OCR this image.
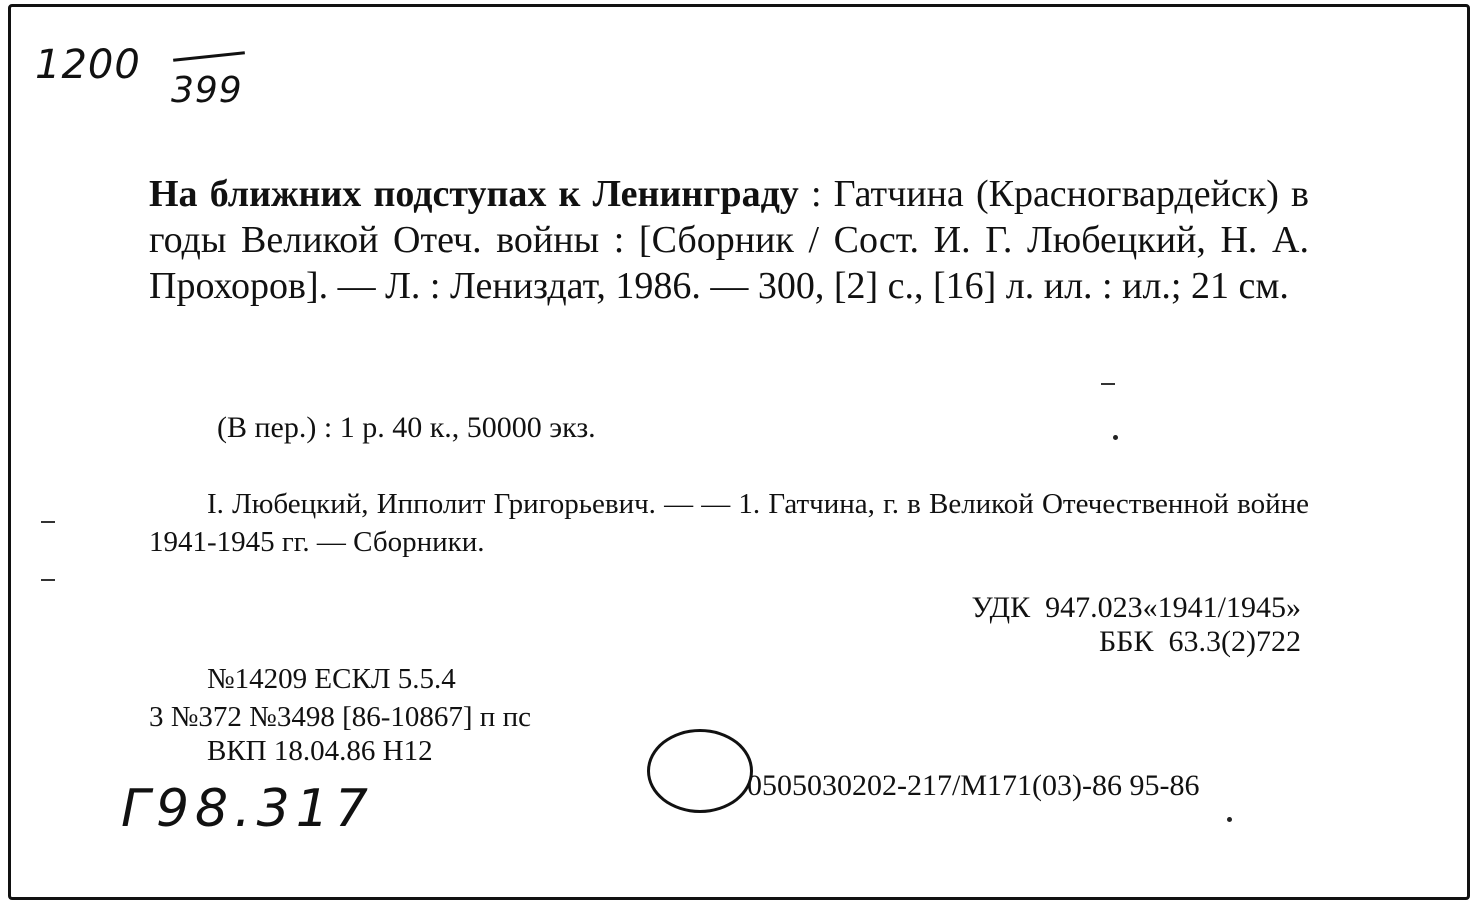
1200
399
На ближних подступах к Ленинграду : Гатчина (Красногвардейск) в годы Великой Отеч. войны : [Сборник / Сост. И. Г. Любецкий, Н. А. Прохоров]. — Л. : Лениздат, 1986. — 300, [2] с., [16] л. ил. : ил.; 21 см.
(В пер.) : 1 р. 40 к., 50000 экз.
I. Любецкий, Ипполит Григорьевич. — — 1. Гатчина, г. в Великой Отечественной войне 1941-1945 гг. — Сборники.
УДК  947.023«1941/1945»
ББК  63.3(2)722
№14209 ЕСКЛ 5.5.4
3 №372 №3498 [86-10867] п пс
ВКП 18.04.86 Н12
0505030202-217/М171(03)-86 95-86
Г98.317
